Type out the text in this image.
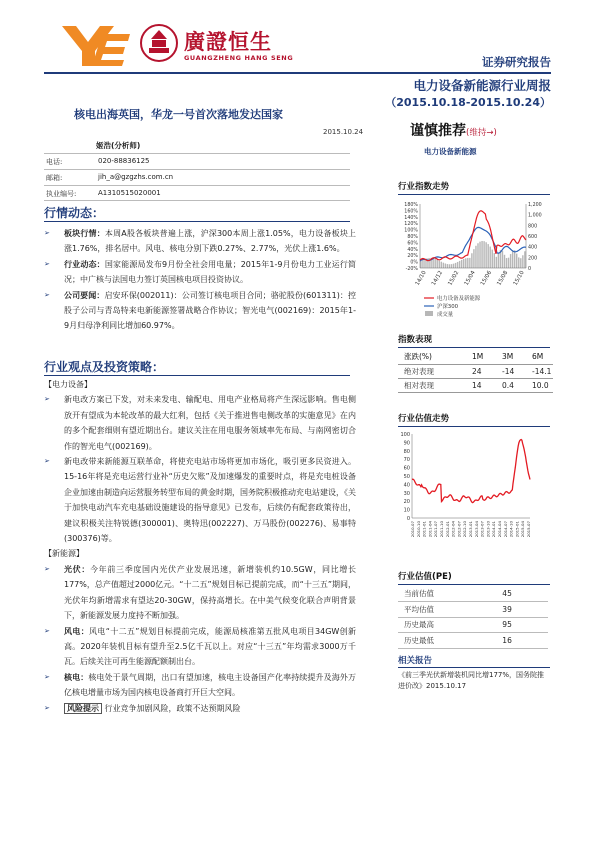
廣證恒生
GUANGZHENG HANG SENG	证券研究报告
电力设备新能源行业周报
（2015.10.18-2015.10.24）
核电出海英国，华龙一号首次落地发达国家
2015.10.24	谨慎推荐(维持→)
电力设备新能源
姬浩(分析师)
电话:	020-88836125
邮箱:	jih_a@gzgzhs.com.cn
执业编号:	A1310515020001
行情动态：
➢ 板块行情：本周A股各板块普遍上涨，沪深300本周上涨1.05%，电力设备板块上涨1.76%，排名居中。风电、核电分别下跌0.27%、2.77%，光伏上涨1.6%。
➢ 行业动态：国家能源局发布9月份全社会用电量；2015年1-9月份电力工业运行简况；中广核与法国电力签订英国核电项目投资协议。
➢ 公司要闻：启安环保(002011)：公司签订核电项目合同；骆驼股份(601311)：控股子公司与青岛特来电新能源签署战略合作协议；智光电气(002169)：2015年1-9月归母净利同比增加60.97%。
行业观点及投资策略：
【电力设备】
➢ 新电改方案已下发，对未来发电、输配电、用电产业格局将产生深远影响。售电侧放开有望成为本轮改革的最大红利，包括《关于推进售电侧改革的实施意见》在内的多个配套细则有望近期出台。建议关注在用电服务领域率先布局、与南网密切合作的智光电气(002169)。
➢ 新电改带来新能源互联革命，将使充电站市场将更加市场化，吸引更多民资进入。15-16年将是充电运营行业补“历史欠账”及加速爆发的重要时点，将是充电桩设备企业加速由制造向运营服务转型布局的黄金时期，国务院积极推动充电站建设，《关于加快电动汽车充电基础设施建设的指导意见》已发布，后续仍有配套政策待出，建议积极关注特锐德(300001)、奥特迅(002227)、万马股份(002276)、易事特(300376)等。
【新能源】
➢ 光伏：今年前三季度国内光伏产业发展迅速，新增装机约10.5GW，同比增长177%，总产值超过2000亿元。“十二五”规划目标已提前完成，而“十三五”期间，光伏年均新增需求有望达20-30GW，保持高增长。在中美气候变化联合声明背景下，新能源发展力度持不断加强。
➢ 风电：风电“十二五”规划目标提前完成，能源局核准第五批风电项目34GW创新高。2020年装机目标有望升至2.5亿千瓦以上。对应“十三五”年均需求3000万千瓦。后续关注可再生能源配额制出台。
➢ 核电：核电处于景气周期，出口有望加速，核电主设备国产化率持续提升及海外万亿核电增量市场为国内核电设备商打开巨大空间。
➢ 风险提示 行业竞争加剧风险，政策不达预期风险
行业指数走势
180%
160%
140%
120%
100%
80%
60%
40%
20%
0%
-20%
1,200
1,000
800
600
400
200
0
14/10 14/12 15/02 15/04 15/06 15/08 15/10
电力设备及新能源
沪深300
成交量
指数表现
涨跌(%)	1M	3M	6M
绝对表现	24	-14	-14.1
相对表现	14	0.4	10.0
行业估值走势
100
90
80
70
60
50
40
30
20
10
0
2010-07 2010-10 2011-01 2011-04 2011-07 2011-10 2012-01 2012-04 2012-07 2012-10 2013-01 2013-04 2013-07 2013-10 2014-01 2014-04 2014-07 2014-10 2015-01 2015-04 2015-07
行业估值(PE)
当前估值	45
平均估值	39
历史最高	95
历史最低	16
相关报告
《前三季光伏新增装机同比增177%，国务院推进价改》2015.10.17
